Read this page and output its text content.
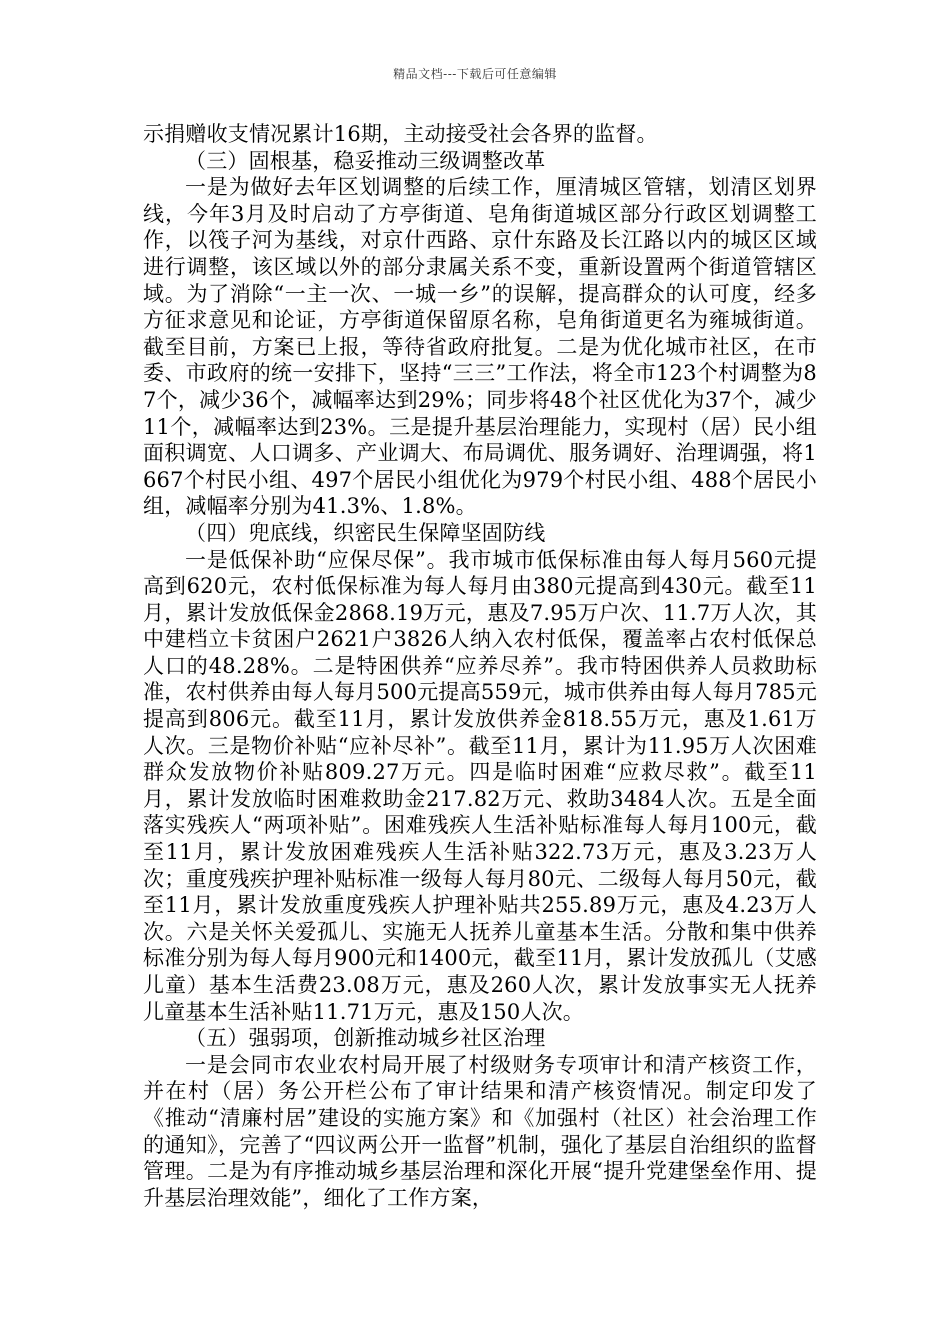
精品文档---下载后可任意编辑

示捐赠收支情况累计16期，主动接受社会各界的监督。

（三）固根基，稳妥推动三级调整改革

一是为做好去年区划调整的后续工作，厘清城区管辖，划清区划界线，今年3月及时启动了方亭街道、皂角街道城区部分行政区划调整工作，以筏子河为基线，对京什西路、京什东路及长江路以内的城区区域进行调整，该区域以外的部分隶属关系不变，重新设置两个街道管辖区域。为了消除“一主一次、一城一乡”的误解，提高群众的认可度，经多方征求意见和论证，方亭街道保留原名称，皂角街道更名为雍城街道。截至目前，方案已上报，等待省政府批复。二是为优化城市社区，在市委、市政府的统一安排下，坚持“三三”工作法，将全市123个村调整为87个，减少36个，减幅率达到29%；同步将48个社区优化为37个，减少11个，减幅率达到23%。三是提升基层治理能力，实现村（居）民小组面积调宽、人口调多、产业调大、布局调优、服务调好、治理调强，将1667个村民小组、497个居民小组优化为979个村民小组、488个居民小组，减幅率分别为41.3%、1.8%。

（四）兜底线，织密民生保障坚固防线

一是低保补助“应保尽保”。我市城市低保标准由每人每月560元提高到620元，农村低保标准为每人每月由380元提高到430元。截至11月，累计发放低保金2868.19万元，惠及7.95万户次、11.7万人次，其中建档立卡贫困户2621户3826人纳入农村低保，覆盖率占农村低保总人口的48.28%。二是特困供养“应养尽养”。我市特困供养人员救助标准，农村供养由每人每月500元提高559元，城市供养由每人每月785元提高到806元。截至11月，累计发放供养金818.55万元，惠及1.61万人次。三是物价补贴“应补尽补”。截至11月，累计为11.95万人次困难群众发放物价补贴809.27万元。四是临时困难“应救尽救”。截至11月，累计发放临时困难救助金217.82万元、救助3484人次。五是全面落实残疾人“两项补贴”。困难残疾人生活补贴标准每人每月100元，截至11月，累计发放困难残疾人生活补贴322.73万元，惠及3.23万人次；重度残疾护理补贴标准一级每人每月80元、二级每人每月50元，截至11月，累计发放重度残疾人护理补贴共255.89万元，惠及4.23万人次。六是关怀关爱孤儿、实施无人抚养儿童基本生活。分散和集中供养标准分别为每人每月900元和1400元，截至11月，累计发放孤儿（艾感儿童）基本生活费23.08万元，惠及260人次，累计发放事实无人抚养儿童基本生活补贴11.71万元，惠及150人次。

（五）强弱项，创新推动城乡社区治理

一是会同市农业农村局开展了村级财务专项审计和清产核资工作，并在村（居）务公开栏公布了审计结果和清产核资情况。制定印发了《推动“清廉村居”建设的实施方案》和《加强村（社区）社会治理工作的通知》，完善了“四议两公开一监督”机制，强化了基层自治组织的监督管理。二是为有序推动城乡基层治理和深化开展“提升党建堡垒作用、提升基层治理效能”，细化了工作方案，
